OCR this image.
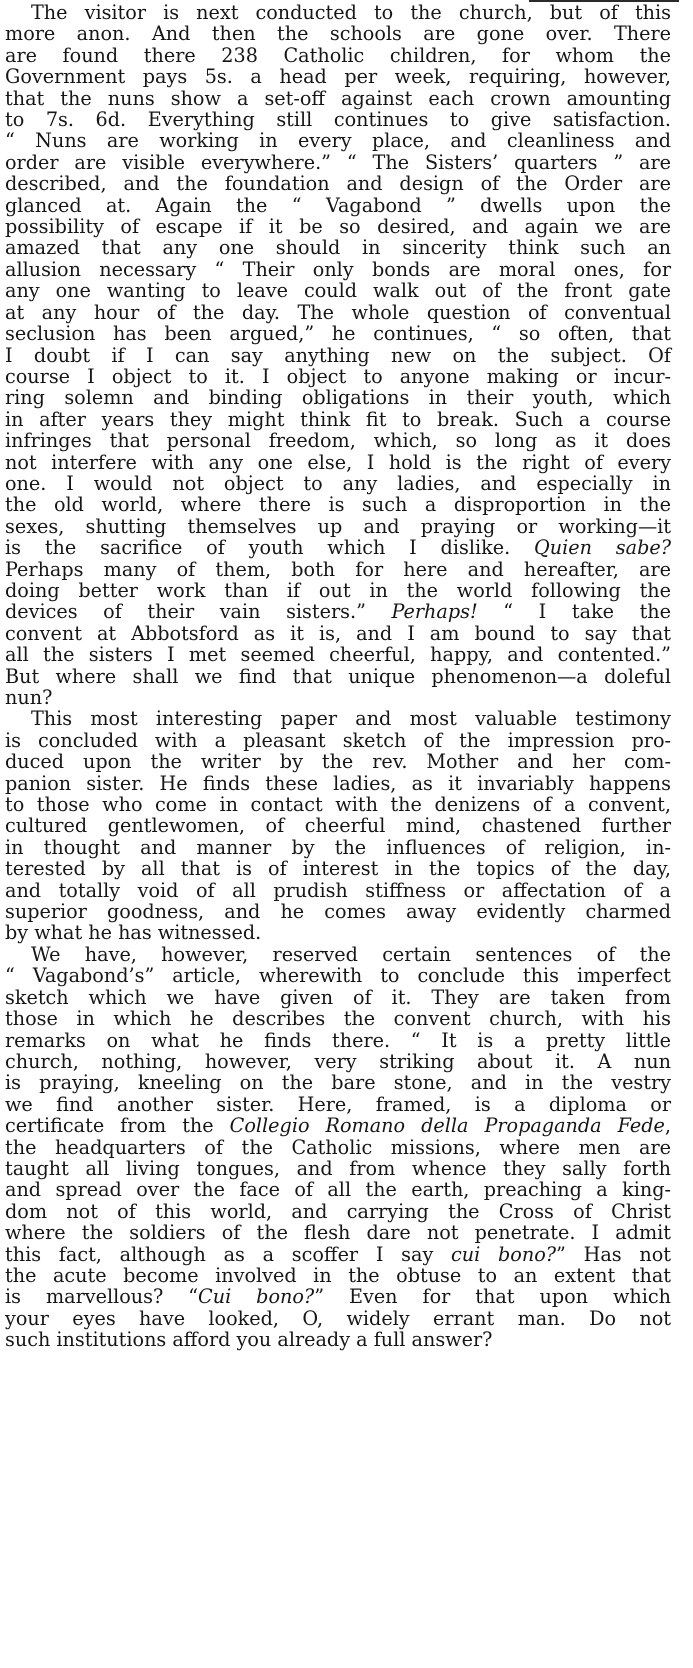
The visitor is next conducted to the church, but of this
more anon. And then the schools are gone over. There
are found there 238 Catholic children, for whom the
Government pays 5s. a head per week, requiring, however,
that the nuns show a set-off against each crown amounting
to 7s. 6d. Everything still continues to give satisfaction.
“ Nuns are working in every place, and cleanliness and
order are visible everywhere.” “ The Sisters’ quarters ” are
described, and the foundation and design of the Order are
glanced at. Again the “ Vagabond ” dwells upon the
possibility of escape if it be so desired, and again we are
amazed that any one should in sincerity think such an
allusion necessary “ Their only bonds are moral ones, for
any one wanting to leave could walk out of the front gate
at any hour of the day. The whole question of conventual
seclusion has been argued,” he continues, “ so often, that
I doubt if I can say anything new on the subject. Of
course I object to it. I object to anyone making or incur-
ring solemn and binding obligations in their youth, which
in after years they might think fit to break. Such a course
infringes that personal freedom, which, so long as it does
not interfere with any one else, I hold is the right of every
one. I would not object to any ladies, and especially in
the old world, where there is such a disproportion in the
sexes, shutting themselves up and praying or working—it
is the sacrifice of youth which I dislike. Quien sabe?
Perhaps many of them, both for here and hereafter, are
doing better work than if out in the world following the
devices of their vain sisters.” Perhaps! “ I take the
convent at Abbotsford as it is, and I am bound to say that
all the sisters I met seemed cheerful, happy, and contented.”
But where shall we find that unique phenomenon—a doleful
nun?
This most interesting paper and most valuable testimony
is concluded with a pleasant sketch of the impression pro-
duced upon the writer by the rev. Mother and her com-
panion sister. He finds these ladies, as it invariably happens
to those who come in contact with the denizens of a convent,
cultured gentlewomen, of cheerful mind, chastened further
in thought and manner by the influences of religion, in-
terested by all that is of interest in the topics of the day,
and totally void of all prudish stiffness or affectation of a
superior goodness, and he comes away evidently charmed
by what he has witnessed.
We have, however, reserved certain sentences of the
“ Vagabond’s” article, wherewith to conclude this imperfect
sketch which we have given of it. They are taken from
those in which he describes the convent church, with his
remarks on what he finds there. “ It is a pretty little
church, nothing, however, very striking about it. A nun
is praying, kneeling on the bare stone, and in the vestry
we find another sister. Here, framed, is a diploma or
certificate from the Collegio Romano della Propaganda Fede,
the headquarters of the Catholic missions, where men are
taught all living tongues, and from whence they sally forth
and spread over the face of all the earth, preaching a king-
dom not of this world, and carrying the Cross of Christ
where the soldiers of the flesh dare not penetrate. I admit
this fact, although as a scoffer I say cui bono?” Has not
the acute become involved in the obtuse to an extent that
is marvellous? “Cui bono?” Even for that upon which
your eyes have looked, O, widely errant man. Do not
such institutions afford you already a full answer?
